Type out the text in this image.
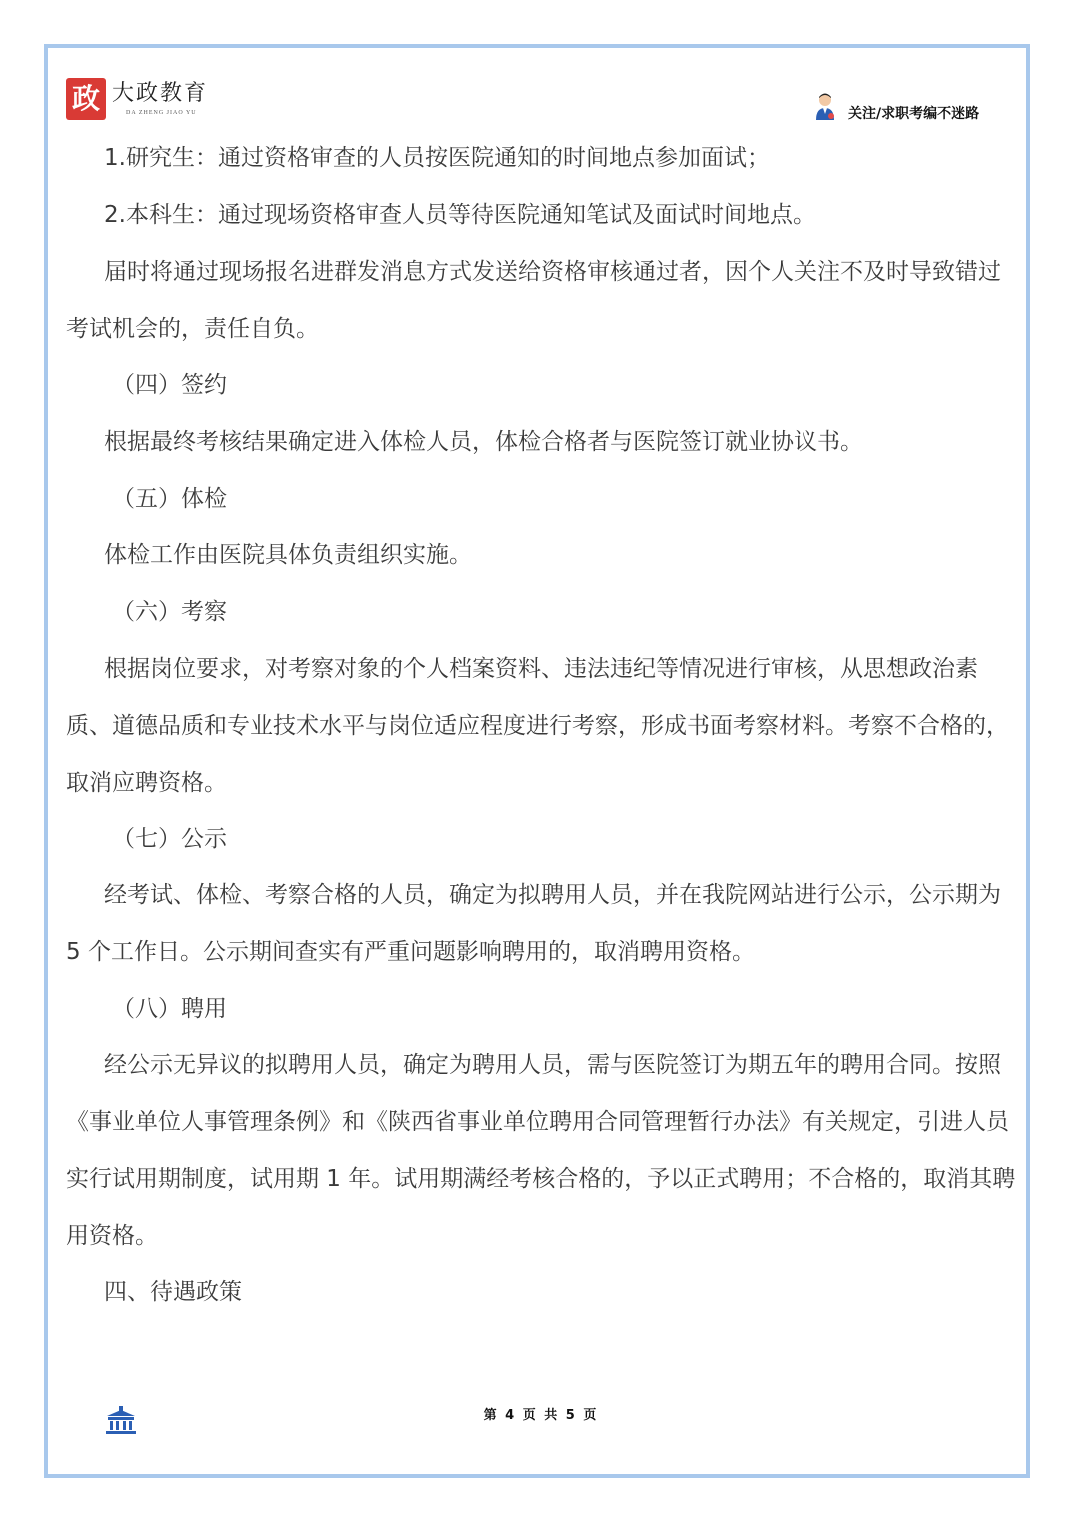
政 大政教育
DA ZHENG JIAO YU	关注/求职考编不迷路

1.研究生：通过资格审查的人员按医院通知的时间地点参加面试；

2.本科生：通过现场资格审查人员等待医院通知笔试及面试时间地点。

届时将通过现场报名进群发消息方式发送给资格审核通过者，因个人关注不及时导致错过考试机会的，责任自负。

（四）签约

根据最终考核结果确定进入体检人员，体检合格者与医院签订就业协议书。

（五）体检

体检工作由医院具体负责组织实施。

（六）考察

根据岗位要求，对考察对象的个人档案资料、违法违纪等情况进行审核，从思想政治素质、道德品质和专业技术水平与岗位适应程度进行考察，形成书面考察材料。考察不合格的，取消应聘资格。

（七）公示

经考试、体检、考察合格的人员，确定为拟聘用人员，并在我院网站进行公示，公示期为 5 个工作日。公示期间查实有严重问题影响聘用的，取消聘用资格。

（八）聘用

经公示无异议的拟聘用人员，确定为聘用人员，需与医院签订为期五年的聘用合同。按照《事业单位人事管理条例》和《陕西省事业单位聘用合同管理暂行办法》有关规定，引进人员实行试用期制度，试用期 1 年。试用期满经考核合格的，予以正式聘用；不合格的，取消其聘用资格。

四、待遇政策

第 4 页 共 5 页
